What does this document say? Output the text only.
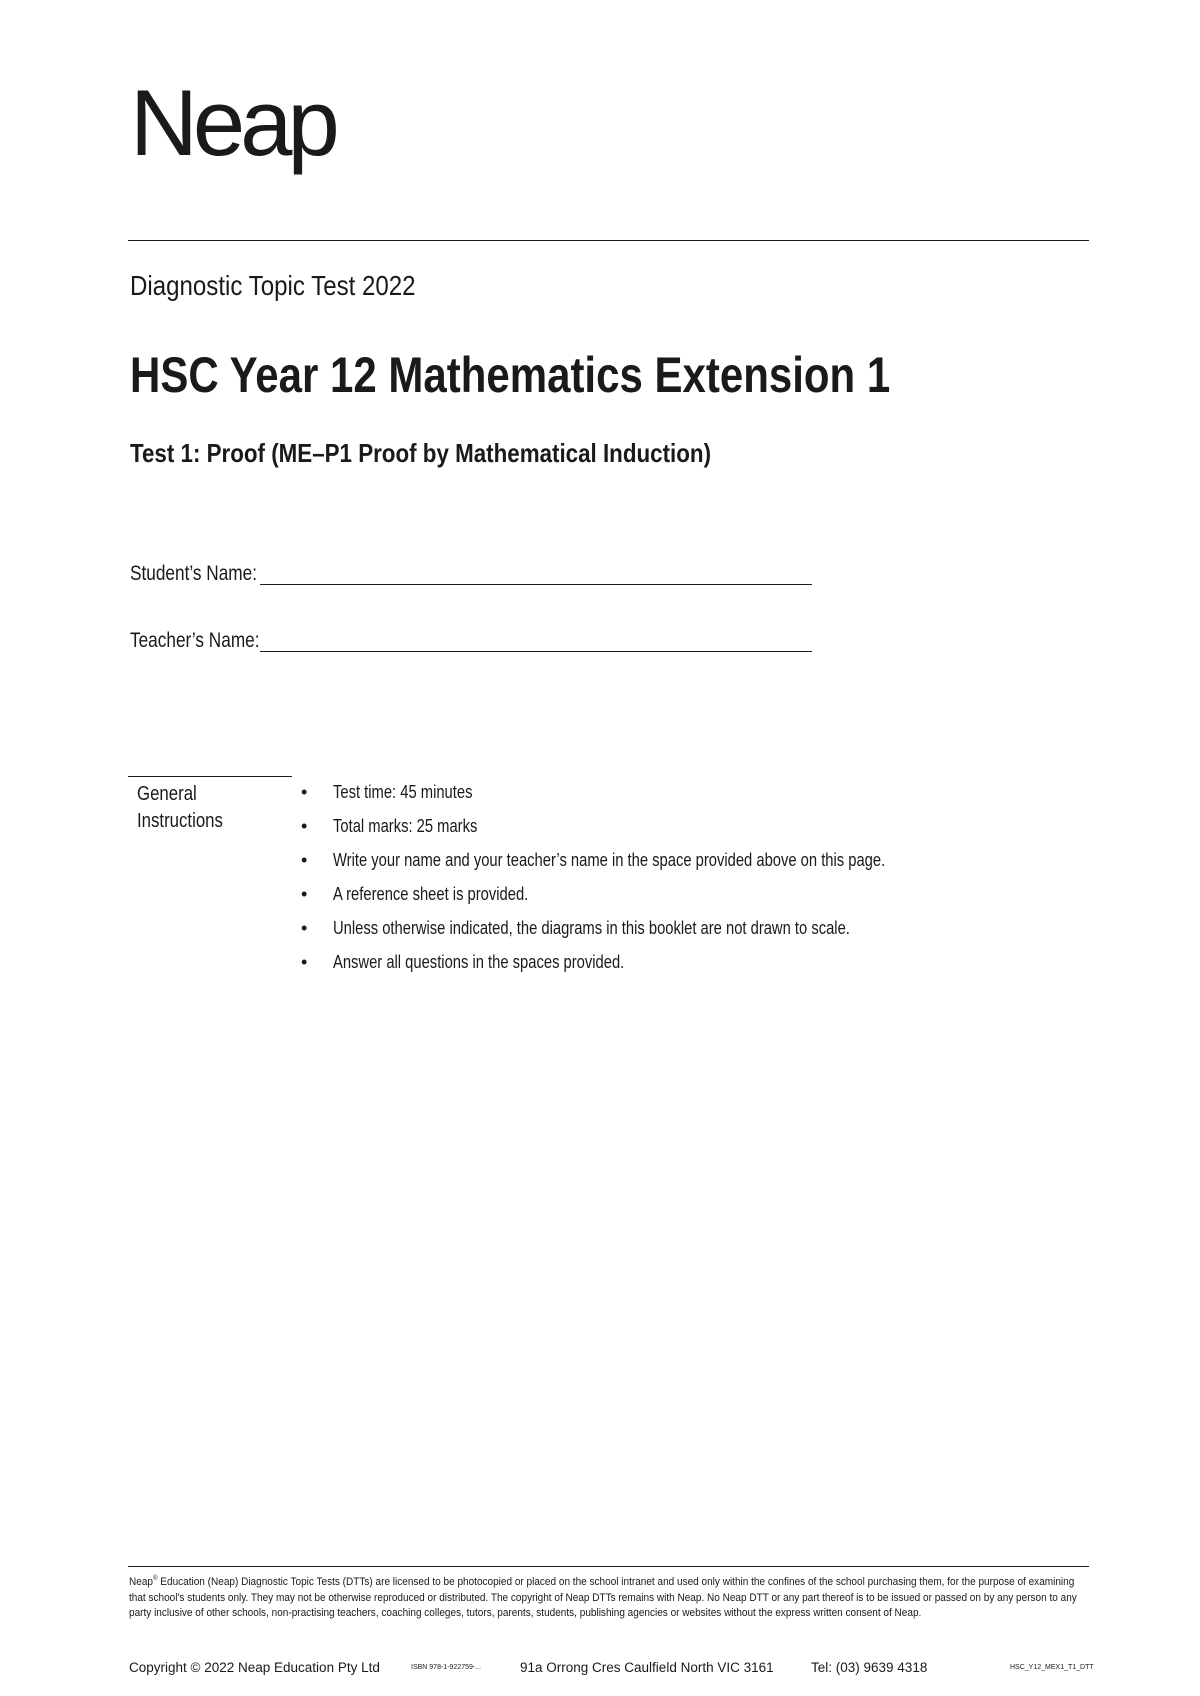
Neap
Diagnostic Topic Test 2022
HSC Year 12 Mathematics Extension 1
Test 1: Proof (ME–P1 Proof by Mathematical Induction)
Student’s Name:
Teacher’s Name:
General
Instructions
• Test time: 45 minutes
• Total marks: 25 marks
• Write your name and your teacher’s name in the space provided above on this page.
• A reference sheet is provided.
• Unless otherwise indicated, the diagrams in this booklet are not drawn to scale.
• Answer all questions in the spaces provided.
Neap® Education (Neap) Diagnostic Topic Tests (DTTs) are licensed to be photocopied or placed on the school intranet and used only within the confines of the school purchasing them, for the purpose of examining that school's students only. They may not be otherwise reproduced or distributed. The copyright of Neap DTTs remains with Neap. No Neap DTT or any part thereof is to be issued or passed on by any person to any party inclusive of other schools, non-practising teachers, coaching colleges, tutors, parents, students, publishing agencies or websites without the express written consent of Neap.
Copyright © 2022 Neap Education Pty Ltd	ISBN 978-1-922759-...	91a Orrong Cres Caulfield North VIC 3161	Tel: (03) 9639 4318	HSC_Y12_MEX1_T1_DTT
